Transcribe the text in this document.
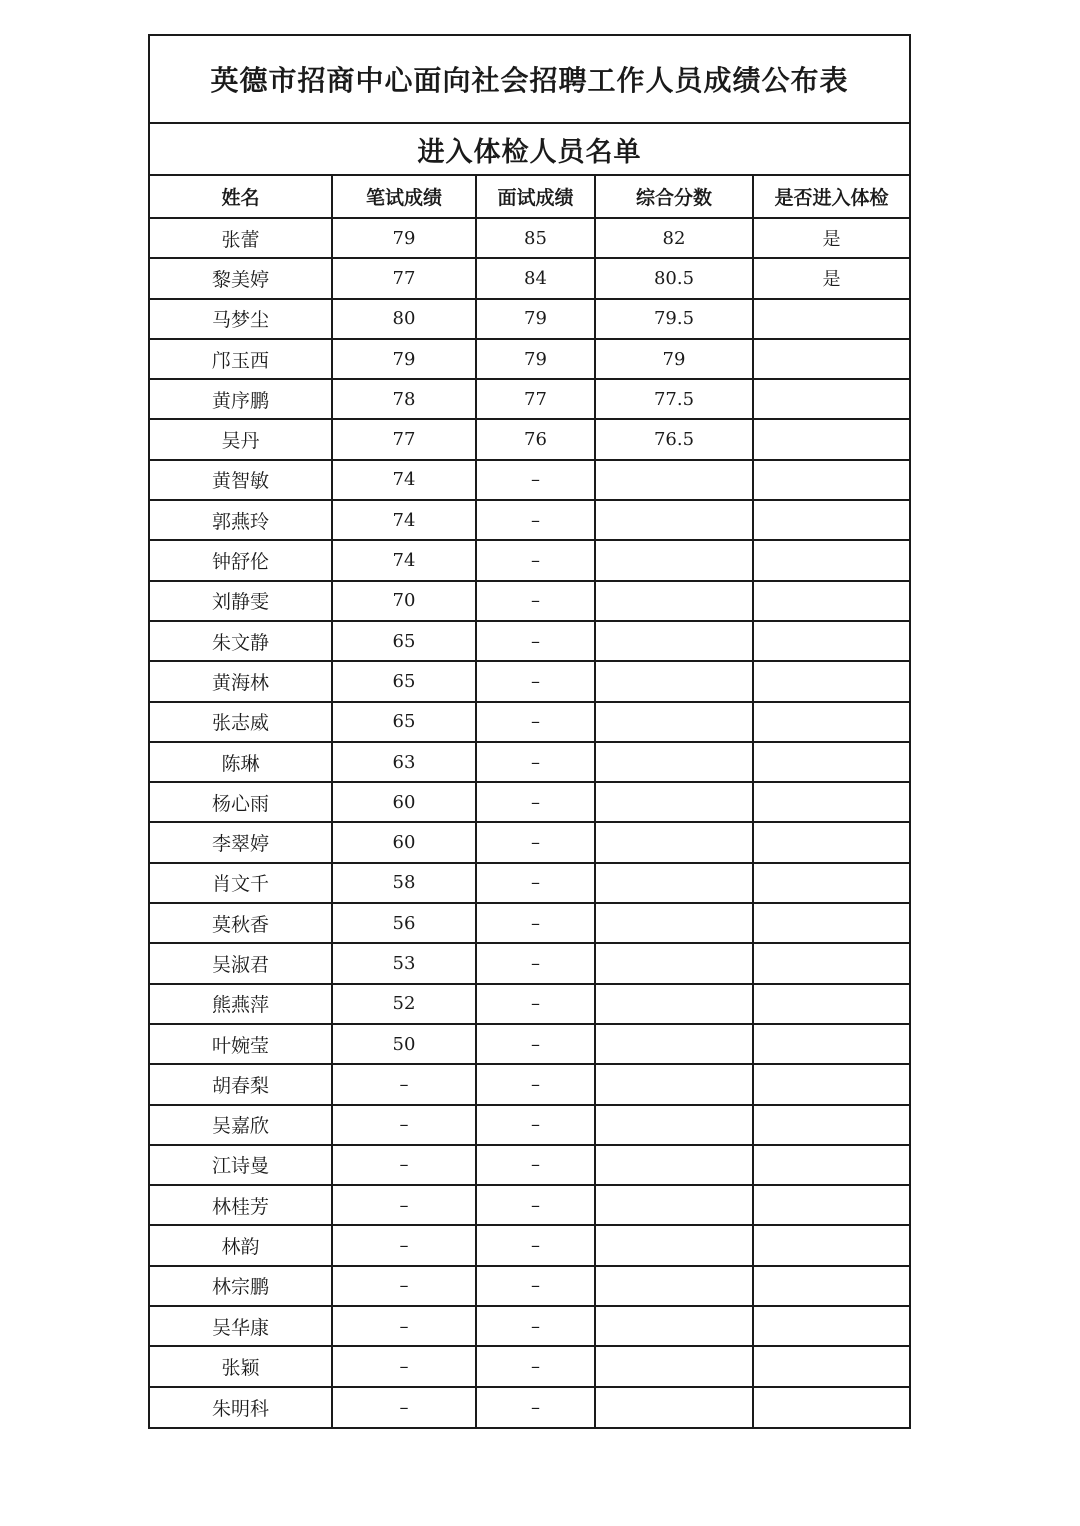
英德市招商中心面向社会招聘工作人员成绩公布表
进入体检人员名单
姓名	笔试成绩	面试成绩	综合分数	是否进入体检
张蕾	79	85	82	是
黎美婷	77	84	80.5	是
马梦尘	80	79	79.5	
邝玉西	79	79	79	
黄序鹏	78	77	77.5	
吴丹	77	76	76.5	
黄智敏	74	–		
郭燕玲	74	–		
钟舒伦	74	–		
刘静雯	70	–		
朱文静	65	–		
黄海林	65	–		
张志威	65	–		
陈琳	63	–		
杨心雨	60	–		
李翠婷	60	–		
肖文千	58	–		
莫秋香	56	–		
吴淑君	53	–		
熊燕萍	52	–		
叶婉莹	50	–		
胡春梨	–	–		
吴嘉欣	–	–		
江诗曼	–	–		
林桂芳	–	–		
林韵	–	–		
林宗鹏	–	–		
吴华康	–	–		
张颖	–	–		
朱明科	–	–		
